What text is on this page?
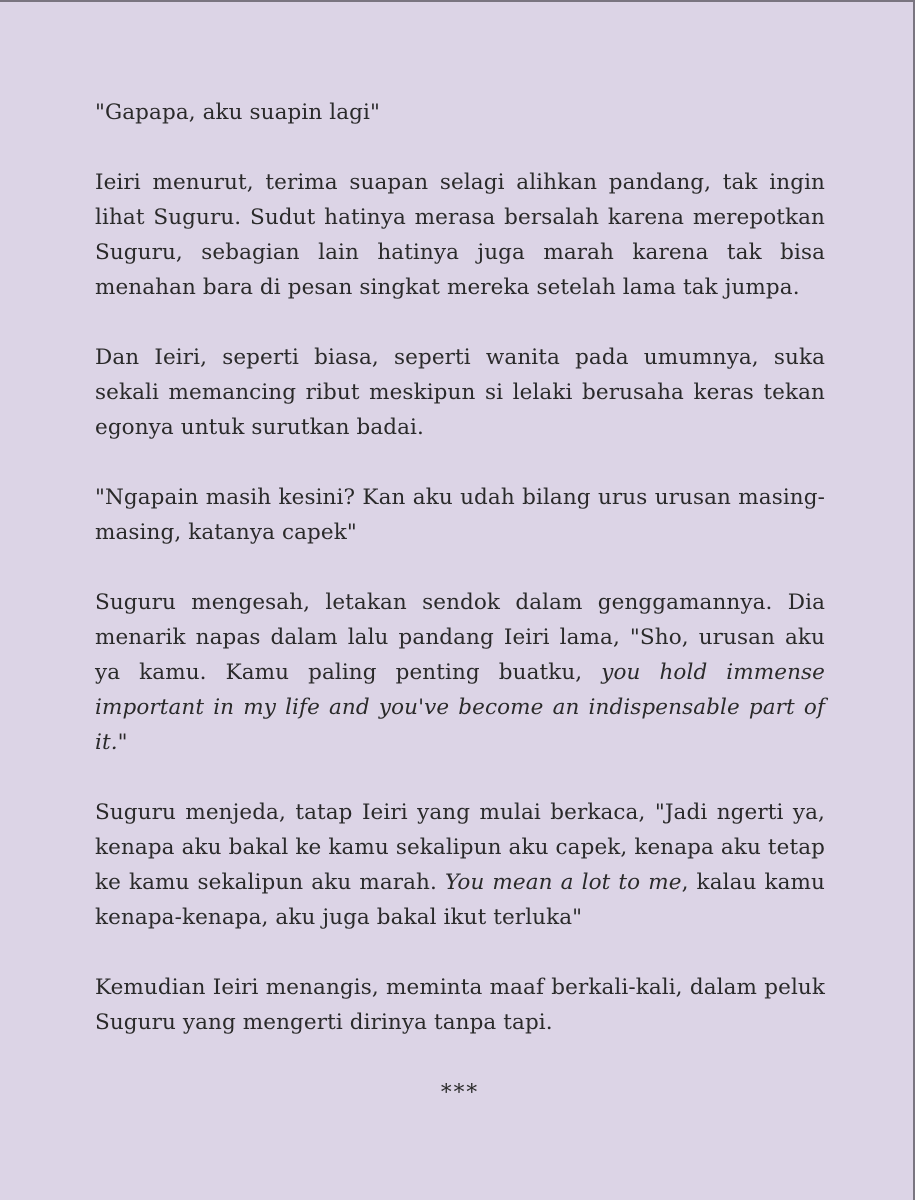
"Gapapa, aku suapin lagi"

Ieiri menurut, terima suapan selagi alihkan pandang, tak ingin lihat Suguru. Sudut hatinya merasa bersalah karena merepotkan Suguru, sebagian lain hatinya juga marah karena tak bisa menahan bara di pesan singkat mereka setelah lama tak jumpa.

Dan Ieiri, seperti biasa, seperti wanita pada umumnya, suka sekali memancing ribut meskipun si lelaki berusaha keras tekan egonya untuk surutkan badai.

"Ngapain masih kesini? Kan aku udah bilang urus urusan masing-masing, katanya capek"

Suguru mengesah, letakan sendok dalam genggamannya. Dia menarik napas dalam lalu pandang Ieiri lama, "Sho, urusan aku ya kamu. Kamu paling penting buatku, you hold immense important in my life and you've become an indispensable part of it."

Suguru menjeda, tatap Ieiri yang mulai berkaca, "Jadi ngerti ya, kenapa aku bakal ke kamu sekalipun aku capek, kenapa aku tetap ke kamu sekalipun aku marah. You mean a lot to me, kalau kamu kenapa-kenapa, aku juga bakal ikut terluka"

Kemudian Ieiri menangis, meminta maaf berkali-kali, dalam peluk Suguru yang mengerti dirinya tanpa tapi.

***
